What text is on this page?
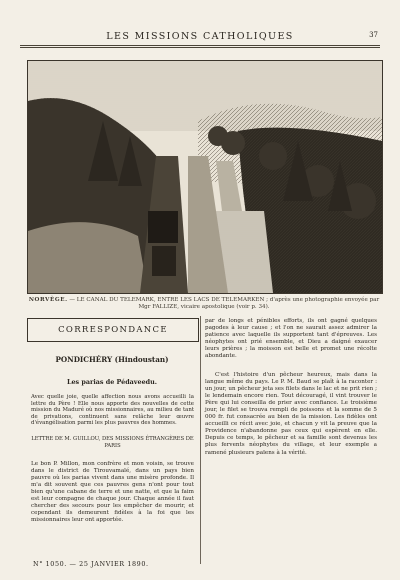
LES MISSIONS CATHOLIQUES	37
NORVÈGE. — LE CANAL DU TELEMARK, ENTRE LES LACS DE TELEMARKEN ; d'après une photographie envoyée par Mgr FALLIZE, vicaire apostolique (voir p. 34).
CORRESPONDANCE
PONDICHÉRY (Hindoustan)
Les parias de Pédaveedu.
Avec quelle joie, quelle affection nous avons accueilli la lettre du Père ! Elle nous apporte des nouvelles de cette mission du Maduré où nos missionnaires, au milieu de tant de privations, continuent sans relâche leur œuvre d'évangélisation parmi les plus pauvres des hommes.
LETTRE DE M. GUILLOU, DES MISSIONS ÉTRANGÈRES DE PARIS
Le bon P. Millon, mon confrère et mon voisin, se trouve dans le district de Tirouvamalé, dans un pays bien pauvre où les parias vivent dans une misère profonde. Il m'a dit souvent que ces pauvres gens n'ont pour tout bien qu'une cabane de terre et une natte, et que la faim est leur compagne de chaque jour. Chaque année il faut chercher des secours pour les empêcher de mourir, et cependant ils demeurent fidèles à la foi que les missionnaires leur ont apportée.
par de longs et pénibles efforts, ils ont gagné quelques pagodes à leur cause ; et l'on ne saurait assez admirer la patience avec laquelle ils supportent tant d'épreuves. Les néophytes ont prié ensemble, et Dieu a daigné exaucer leurs prières ; la moisson est belle et promet une récolte abondante.
C'est l'histoire d'un pêcheur heureux, mais dans la langue même du pays. Le P. M. Baud se plaît à la raconter : un jour, un pêcheur jeta ses filets dans le lac et ne prit rien ; le lendemain encore rien. Tout découragé, il vint trouver le Père qui lui conseilla de prier avec confiance. Le troisième jour, le filet se trouva rempli de poissons et la somme de 5 000 fr. fut consacrée au bien de la mission. Les fidèles ont accueilli ce récit avec joie, et chacun y vit la preuve que la Providence n'abandonne pas ceux qui espèrent en elle. Depuis ce temps, le pêcheur et sa famille sont devenus les plus fervents néophytes du village, et leur exemple a ramené plusieurs païens à la vérité.
N° 1050. — 25 JANVIER 1890.
